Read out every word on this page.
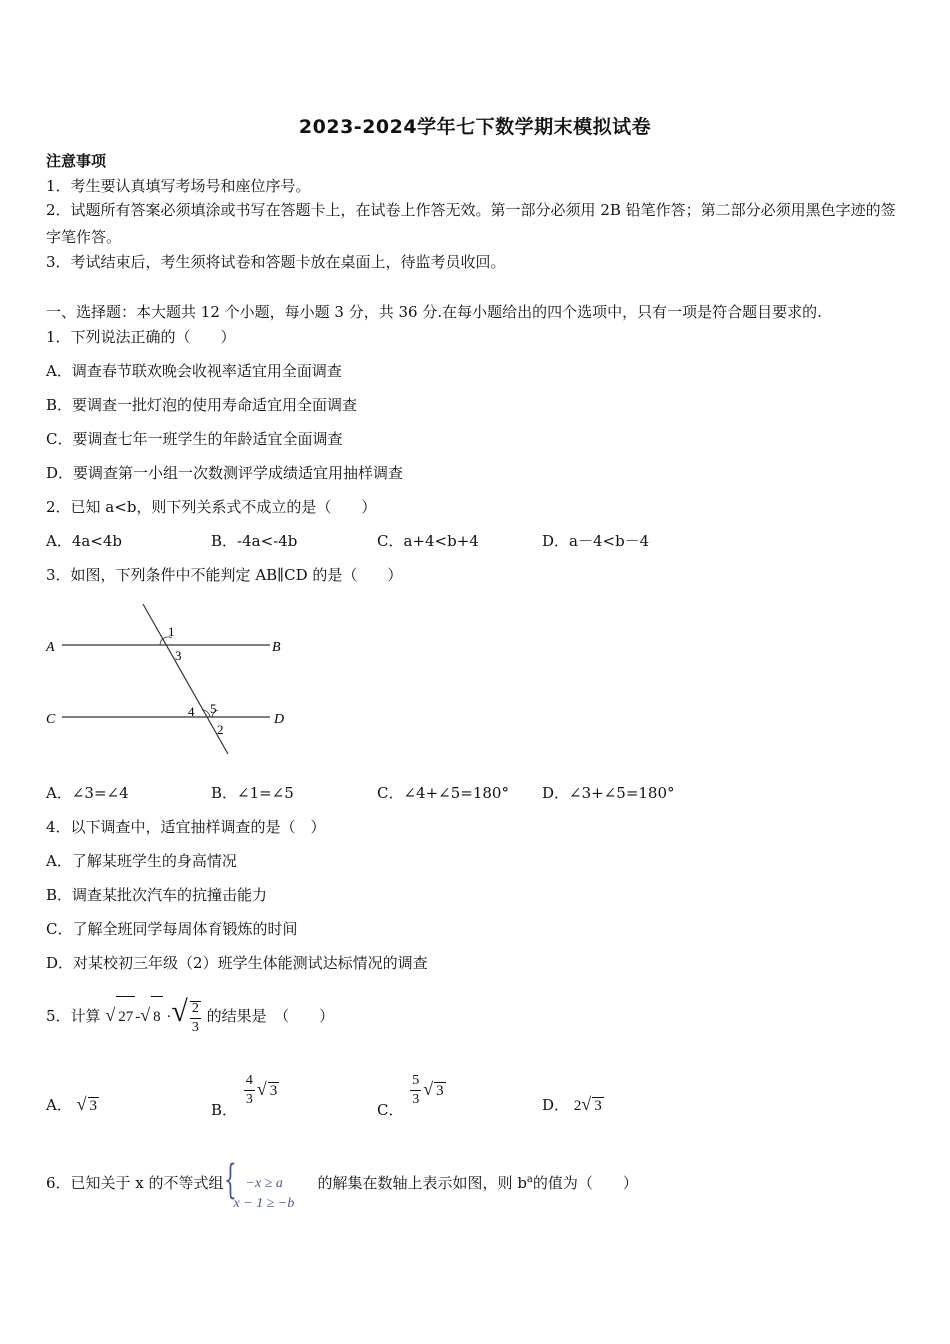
2023-2024学年七下数学期末模拟试卷
注意事项
1．考生要认真填写考场号和座位序号。
2．试题所有答案必须填涂或书写在答题卡上，在试卷上作答无效。第一部分必须用 2B 铅笔作答；第二部分必须用黑色字迹的签字笔作答。
3．考试结束后，考生须将试卷和答题卡放在桌面上，待监考员收回。
一、选择题：本大题共 12 个小题，每小题 3 分，共 36 分.在每小题给出的四个选项中，只有一项是符合题目要求的.
1．下列说法正确的（　　）
A．调查春节联欢晚会收视率适宜用全面调查
B．要调查一批灯泡的使用寿命适宜用全面调查
C．要调查七年一班学生的年龄适宜全面调查
D．要调查第一小组一次数测评学成绩适宜用抽样调查
2．已知 a<b，则下列关系式不成立的是（　　）
A．4a<4b	B．-4a<-4b	C．a+4<b+4	D．a－4<b－4
3．如图，下列条件中不能判定 AB∥CD 的是（　　）
A	B
C	D
1
3
4 5
2
A．∠3=∠4	B．∠1=∠5	C．∠4+∠5=180° D．∠3+∠5=180°
4．以下调查中，适宜抽样调查的是（　）
A．了解某班学生的身高情况
B．调查某批次汽车的抗撞击能力
C．了解全班同学每周体育锻炼的时间
D．对某校初三年级（2）班学生体能测试达标情况的调查
5．计算 √ 27 -√ 8 ·√ $\frac{2}{3}$ 的结果是　（　　）
A． √ 3	B．
$\frac{4}{3}$ √ 3
C．
$\frac{5}{3}$ √ 3
D． 2√ 3
6．已知关于 x 的不等式组 { −x ≥ a
x − 1 ≥ −b
的解集在数轴上表示如图，则 $b^a$的值为（　　）
